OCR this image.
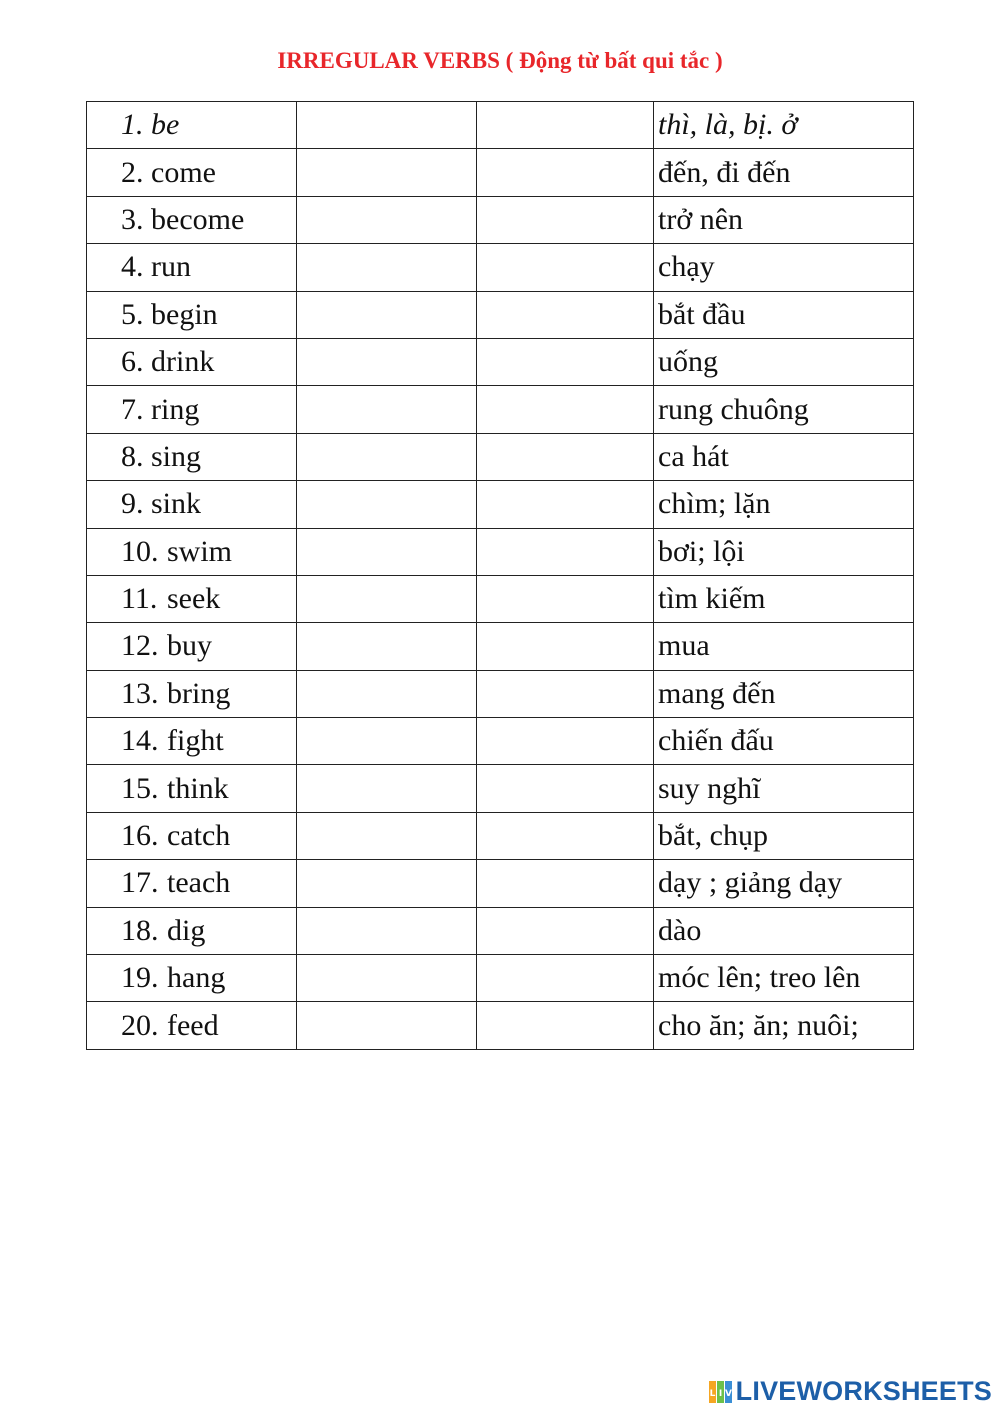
IRREGULAR VERBS ( Động từ bất qui tắc )
1. be			thì, là, bị. ở
2. come			đến, đi đến
3. become			trở nên
4. run			chạy
5. begin			bắt đầu
6. drink			uống
7. ring			rung chuông
8. sing			ca hát
9. sink			chìm; lặn
10. swim			bơi; lội
11. seek			tìm kiếm
12. buy			mua
13. bring			mang đến
14. fight			chiến đấu
15. think			suy nghĩ
16. catch			bắt, chụp
17. teach			dạy ; giảng dạy
18. dig			dào
19. hang			móc lên; treo lên
20. feed			cho ăn; ăn; nuôi;
L I V LIVEWORKSHEETS
